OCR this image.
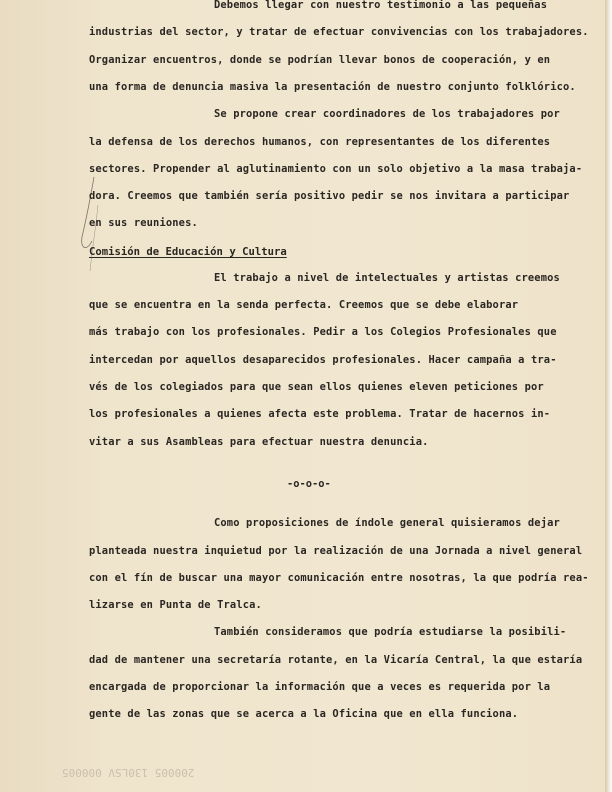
Debemos llegar con nuestro testimonio a las pequeñas
industrias del sector, y tratar de efectuar convivencias con los trabajadores.
Organizar encuentros, donde se podrían llevar bonos de cooperación, y en
una forma de denuncia masiva la presentación de nuestro conjunto folklórico.
Se propone crear coordinadores de los trabajadores por
la defensa de los derechos humanos, con representantes de los diferentes
sectores. Propender al aglutinamiento con un solo objetivo a la masa trabaja-
dora. Creemos que también sería positivo pedir se nos invitara a participar
en sus reuniones.
Comisión de Educación y Cultura
El trabajo a nivel de intelectuales y artistas creemos
que se encuentra en la senda perfecta. Creemos que se debe elaborar
más trabajo con los profesionales. Pedir a los Colegios Profesionales que
intercedan por aquellos desaparecidos profesionales. Hacer campaña a tra-
vés de los colegiados para que sean ellos quienes eleven peticiones por
los profesionales a quienes afecta este problema. Tratar de hacernos in-
vitar a sus Asambleas para efectuar nuestra denuncia.
-o-o-o-
Como proposiciones de índole general quisieramos dejar
planteada nuestra inquietud por la realización de una Jornada a nivel general
con el fín de buscar una mayor comunicación entre nosotras, la que podría rea-
lizarse en Punta de Tralca.
También consideramos que podría estudiarse la posibili-
dad de mantener una secretaría rotante, en la Vicaría Central, la que estaría
encargada de proporcionar la información que a veces es requerida por la
gente de las zonas que se acerca a la Oficina que en ella funciona.
200005 130LSV 000005
